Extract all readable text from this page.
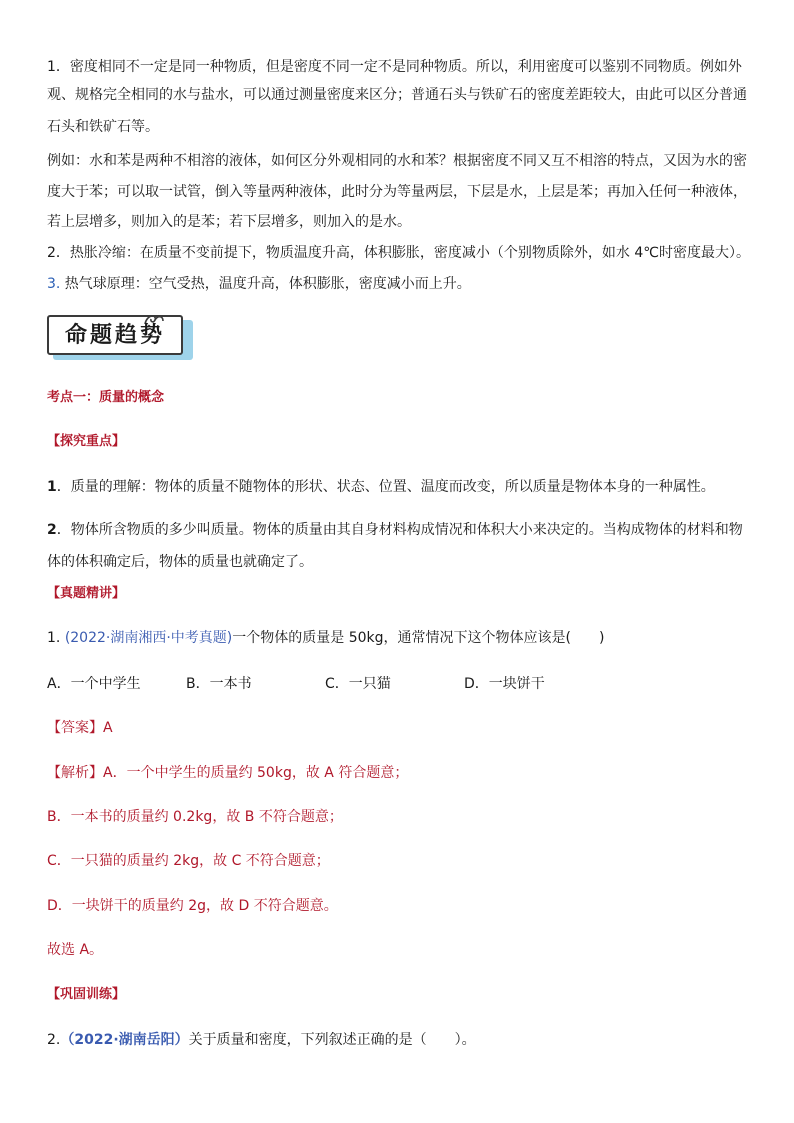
1．密度相同不一定是同一种物质，但是密度不同一定不是同种物质。所以，利用密度可以鉴别不同物质。例如外
观、规格完全相同的水与盐水，可以通过测量密度来区分；普通石头与铁矿石的密度差距较大，由此可以区分普通
石头和铁矿石等。
例如：水和苯是两种不相溶的液体，如何区分外观相同的水和苯？根据密度不同又互不相溶的特点，又因为水的密
度大于苯；可以取一试管，倒入等量两种液体，此时分为等量两层，下层是水，上层是苯；再加入任何一种液体，
若上层增多，则加入的是苯；若下层增多，则加入的是水。
2．热胀冷缩：在质量不变前提下，物质温度升高，体积膨胀，密度减小（个别物质除外，如水 4℃时密度最大）。
3. 热气球原理：空气受热，温度升高，体积膨胀，密度减小而上升。
命题趋势
考点一：质量的概念
【探究重点】
1．质量的理解：物体的质量不随物体的形状、状态、位置、温度而改变，所以质量是物体本身的一种属性。
2．物体所含物质的多少叫质量。物体的质量由其自身材料构成情况和体积大小来决定的。当构成物体的材料和物
体的体积确定后，物体的质量也就确定了。
【真题精讲】
1. (2022·湖南湘西·中考真题)一个物体的质量是 50kg，通常情况下这个物体应该是(　　)
A．一个中学生	B．一本书	C．一只猫	D．一块饼干
【答案】A
【解析】A．一个中学生的质量约 50kg，故 A 符合题意；
B．一本书的质量约 0.2kg，故 B 不符合题意；
C．一只猫的质量约 2kg，故 C 不符合题意；
D．一块饼干的质量约 2g，故 D 不符合题意。
故选 A。
【巩固训练】
2.（2022·湖南岳阳）关于质量和密度，下列叙述正确的是（　　）。
